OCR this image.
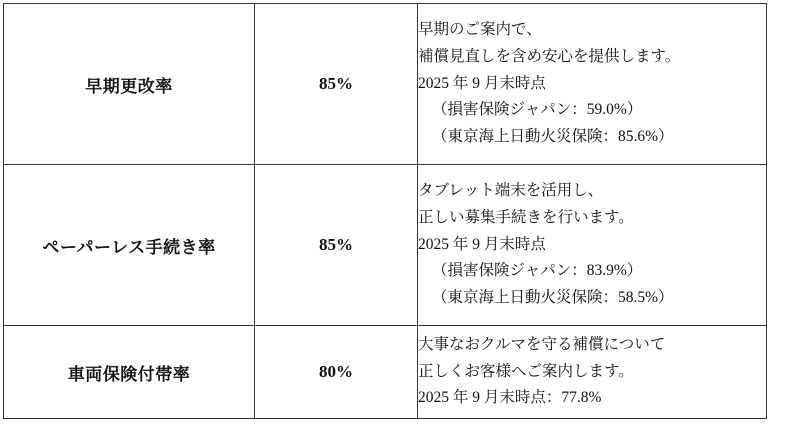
早期更改率	85%	早期のご案内で、
補償見直しを含め安心を提供します。
2025 年 9 月末時点
（損害保険ジャパン：59.0%）
（東京海上日動火災保険：85.6%）

ペーパーレス手続き率	85%	タブレット端末を活用し、
正しい募集手続きを行います。
2025 年 9 月末時点
（損害保険ジャパン：83.9%）
（東京海上日動火災保険：58.5%）

車両保険付帯率	80%	大事なおクルマを守る補償について
正しくお客様へご案内します。
2025 年 9 月末時点：77.8%
